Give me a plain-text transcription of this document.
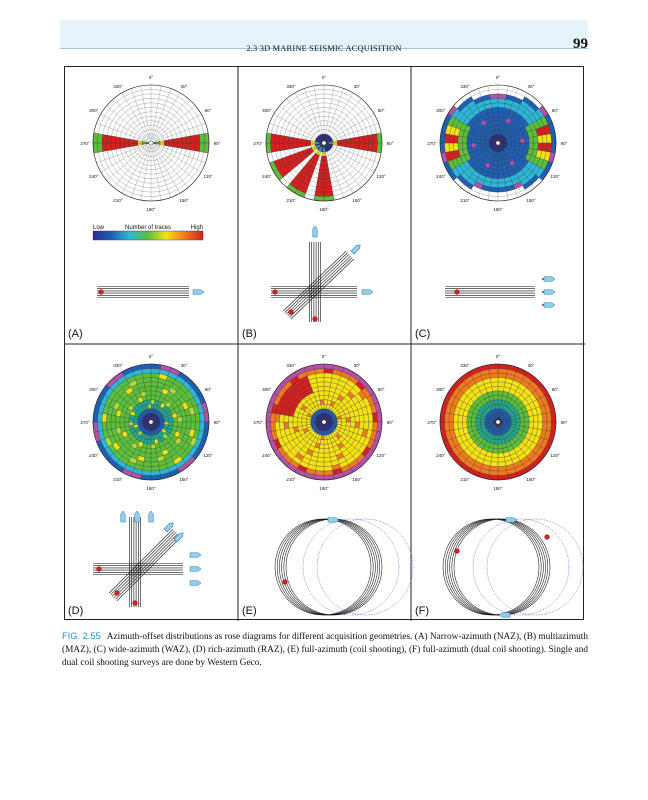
2.3 3D MARINE SEISMIC ACQUISITION	99
0°
30°
60°
90°
120°
150°
180°
210°
240°
270°
300°
330°
0°
30°
60°
90°
120°
150°
180°
210°
240°
270°
300°
330°
0°
30°
60°
90°
120°
150°
180°
210°
240°
270°
300°
330°
0°
30°
60°
90°
120°
150°
180°
210°
240°
270°
300°
330°
0°
30°
60°
90°
120°
150°
180°
210°
240°
270°
300°
330°
0°
30°
60°
90°
120°
150°
180°
210°
240°
270°
300°
330°
Low	Number of traces	High
(A)	(B)	(C)
(D)	(E)	(F)
FIG. 2.55 Azimuth-offset distributions as rose diagrams for different acquisition geometries. (A) Narrow-azimuth (NAZ), (B) multiazimuth (MAZ), (C) wide-azimuth (WAZ), (D) rich-azimuth (RAZ), (E) full-azimuth (coil shooting), (F) full-azimuth (dual coil shooting). Single and dual coil shooting surveys are done by Western Geco.
